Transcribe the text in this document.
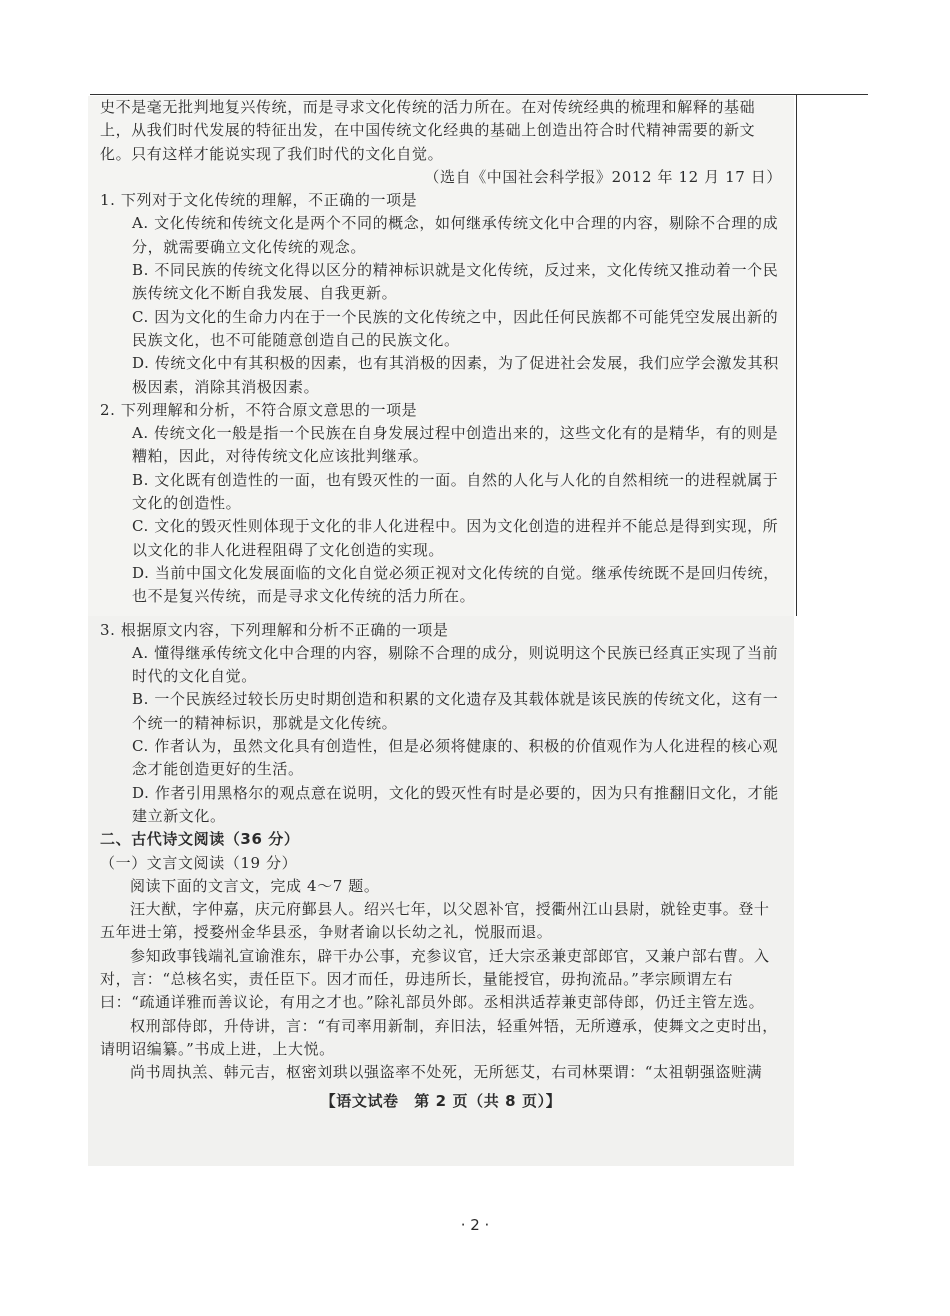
史不是毫无批判地复兴传统，而是寻求文化传统的活力所在。在对传统经典的梳理和解释的基础上，从我们时代发展的特征出发，在中国传统文化经典的基础上创造出符合时代精神需要的新文化。只有这样才能说实现了我们时代的文化自觉。

（选自《中国社会科学报》2012 年 12 月 17 日）

1. 下列对于文化传统的理解，不正确的一项是

A. 文化传统和传统文化是两个不同的概念，如何继承传统文化中合理的内容，剔除不合理的成分，就需要确立文化传统的观念。

B. 不同民族的传统文化得以区分的精神标识就是文化传统，反过来，文化传统又推动着一个民族传统文化不断自我发展、自我更新。

C. 因为文化的生命力内在于一个民族的文化传统之中，因此任何民族都不可能凭空发展出新的民族文化，也不可能随意创造自己的民族文化。

D. 传统文化中有其积极的因素，也有其消极的因素，为了促进社会发展，我们应学会激发其积极因素，消除其消极因素。

2. 下列理解和分析，不符合原文意思的一项是

A. 传统文化一般是指一个民族在自身发展过程中创造出来的，这些文化有的是精华，有的则是糟粕，因此，对待传统文化应该批判继承。

B. 文化既有创造性的一面，也有毁灭性的一面。自然的人化与人化的自然相统一的进程就属于文化的创造性。

C. 文化的毁灭性则体现于文化的非人化进程中。因为文化创造的进程并不能总是得到实现，所以文化的非人化进程阻碍了文化创造的实现。

D. 当前中国文化发展面临的文化自觉必须正视对文化传统的自觉。继承传统既不是回归传统，也不是复兴传统，而是寻求文化传统的活力所在。

3. 根据原文内容，下列理解和分析不正确的一项是

A. 懂得继承传统文化中合理的内容，剔除不合理的成分，则说明这个民族已经真正实现了当前时代的文化自觉。

B. 一个民族经过较长历史时期创造和积累的文化遗存及其载体就是该民族的传统文化，这有一个统一的精神标识，那就是文化传统。

C. 作者认为，虽然文化具有创造性，但是必须将健康的、积极的价值观作为人化进程的核心观念才能创造更好的生活。

D. 作者引用黑格尔的观点意在说明，文化的毁灭性有时是必要的，因为只有推翻旧文化，才能建立新文化。

二、古代诗文阅读（36 分）

（一）文言文阅读（19 分）

阅读下面的文言文，完成 4～7 题。

汪大猷，字仲嘉，庆元府鄞县人。绍兴七年，以父恩补官，授衢州江山县尉，就铨吏事。登十五年进士第，授婺州金华县丞，争财者谕以长幼之礼，悦服而退。

参知政事钱端礼宣谕淮东，辟干办公事，充参议官，迁大宗丞兼吏部郎官，又兼户部右曹。入对，言：“总核名实，责任臣下。因才而任，毋违所长，量能授官，毋拘流品。”孝宗顾谓左右曰：“疏通详雅而善议论，有用之才也。”除礼部员外郎。丞相洪适荐兼吏部侍郎，仍迁主管左选。

权刑部侍郎，升侍讲，言：“有司率用新制，弃旧法，轻重舛牾，无所遵承，使舞文之吏时出，请明诏编纂。”书成上进，上大悦。

尚书周执羔、韩元吉，枢密刘珙以强盗率不处死，无所惩艾，右司林栗谓：“太祖朝强盗赃满

【语文试卷　第 2 页（共 8 页）】

· 2 ·
